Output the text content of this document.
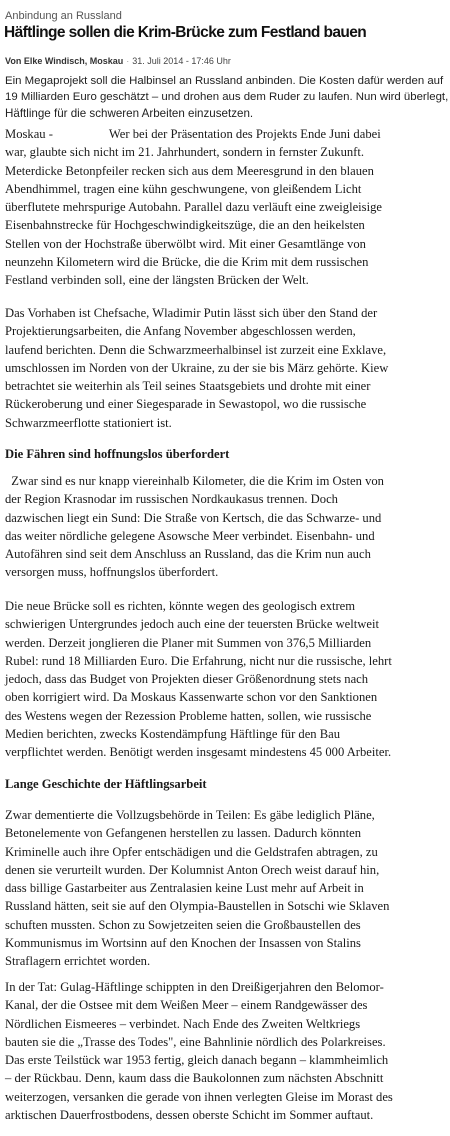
Anbindung an Russland
Häftlinge sollen die Krim-Brücke zum Festland bauen
Von Elke Windisch, Moskau · 31. Juli 2014 - 17:46 Uhr
Ein Megaprojekt soll die Halbinsel an Russland anbinden. Die Kosten dafür werden auf
19 Milliarden Euro geschätzt – und drohen aus dem Ruder zu laufen. Nun wird überlegt,
Häftlinge für die schweren Arbeiten einzusetzen.
Moskau -	Wer bei der Präsentation des Projekts Ende Juni dabei
war, glaubte sich nicht im 21. Jahrhundert, sondern in fernster Zukunft.
Meterdicke Betonpfeiler recken sich aus dem Meeresgrund in den blauen
Abendhimmel, tragen eine kühn geschwungene, von gleißendem Licht
überflutete mehrspurige Autobahn. Parallel dazu verläuft eine zweigleisige
Eisenbahnstrecke für Hochgeschwindigkeitszüge, die an den heikelsten
Stellen von der Hochstraße überwölbt wird. Mit einer Gesamtlänge von
neunzehn Kilometern wird die Brücke, die die Krim mit dem russischen
Festland verbinden soll, eine der längsten Brücken der Welt.
Das Vorhaben ist Chefsache, Wladimir Putin lässt sich über den Stand der
Projektierungsarbeiten, die Anfang November abgeschlossen werden,
laufend berichten. Denn die Schwarzmeerhalbinsel ist zurzeit eine Exklave,
umschlossen im Norden von der Ukraine, zu der sie bis März gehörte. Kiew
betrachtet sie weiterhin als Teil seines Staatsgebiets und drohte mit einer
Rückeroberung und einer Siegesparade in Sewastopol, wo die russische
Schwarzmeerflotte stationiert ist.
Die Fähren sind hoffnungslos überfordert
Zwar sind es nur knapp viereinhalb Kilometer, die die Krim im Osten von
der Region Krasnodar im russischen Nordkaukasus trennen. Doch
dazwischen liegt ein Sund: Die Straße von Kertsch, die das Schwarze- und
das weiter nördliche gelegene Asowsche Meer verbindet. Eisenbahn- und
Autofähren sind seit dem Anschluss an Russland, das die Krim nun auch
versorgen muss, hoffnungslos überfordert.
Die neue Brücke soll es richten, könnte wegen des geologisch extrem
schwierigen Untergrundes jedoch auch eine der teuersten Brücke weltweit
werden. Derzeit jonglieren die Planer mit Summen von 376,5 Milliarden
Rubel: rund 18 Milliarden Euro. Die Erfahrung, nicht nur die russische, lehrt
jedoch, dass das Budget von Projekten dieser Größenordnung stets nach
oben korrigiert wird. Da Moskaus Kassenwarte schon vor den Sanktionen
des Westens wegen der Rezession Probleme hatten, sollen, wie russische
Medien berichten, zwecks Kostendämpfung Häftlinge für den Bau
verpflichtet werden. Benötigt werden insgesamt mindestens 45 000 Arbeiter.
Lange Geschichte der Häftlingsarbeit
Zwar dementierte die Vollzugsbehörde in Teilen: Es gäbe lediglich Pläne,
Betonelemente von Gefangenen herstellen zu lassen. Dadurch könnten
Kriminelle auch ihre Opfer entschädigen und die Geldstrafen abtragen, zu
denen sie verurteilt wurden. Der Kolumnist Anton Orech weist darauf hin,
dass billige Gastarbeiter aus Zentralasien keine Lust mehr auf Arbeit in
Russland hätten, seit sie auf den Olympia-Baustellen in Sotschi wie Sklaven
schuften mussten. Schon zu Sowjetzeiten seien die Großbaustellen des
Kommunismus im Wortsinn auf den Knochen der Insassen von Stalins
Straflagern errichtet worden.
In der Tat: Gulag-Häftlinge schippten in den Dreißigerjahren den Belomor-
Kanal, der die Ostsee mit dem Weißen Meer – einem Randgewässer des
Nördlichen Eismeeres – verbindet. Nach Ende des Zweiten Weltkriegs
bauten sie die „Trasse des Todes", eine Bahnlinie nördlich des Polarkreises.
Das erste Teilstück war 1953 fertig, gleich danach begann – klammheimlich
– der Rückbau. Denn, kaum dass die Baukolonnen zum nächsten Abschnitt
weiterzogen, versanken die gerade von ihnen verlegten Gleise im Morast des
arktischen Dauerfrostbodens, dessen oberste Schicht im Sommer auftaut.
